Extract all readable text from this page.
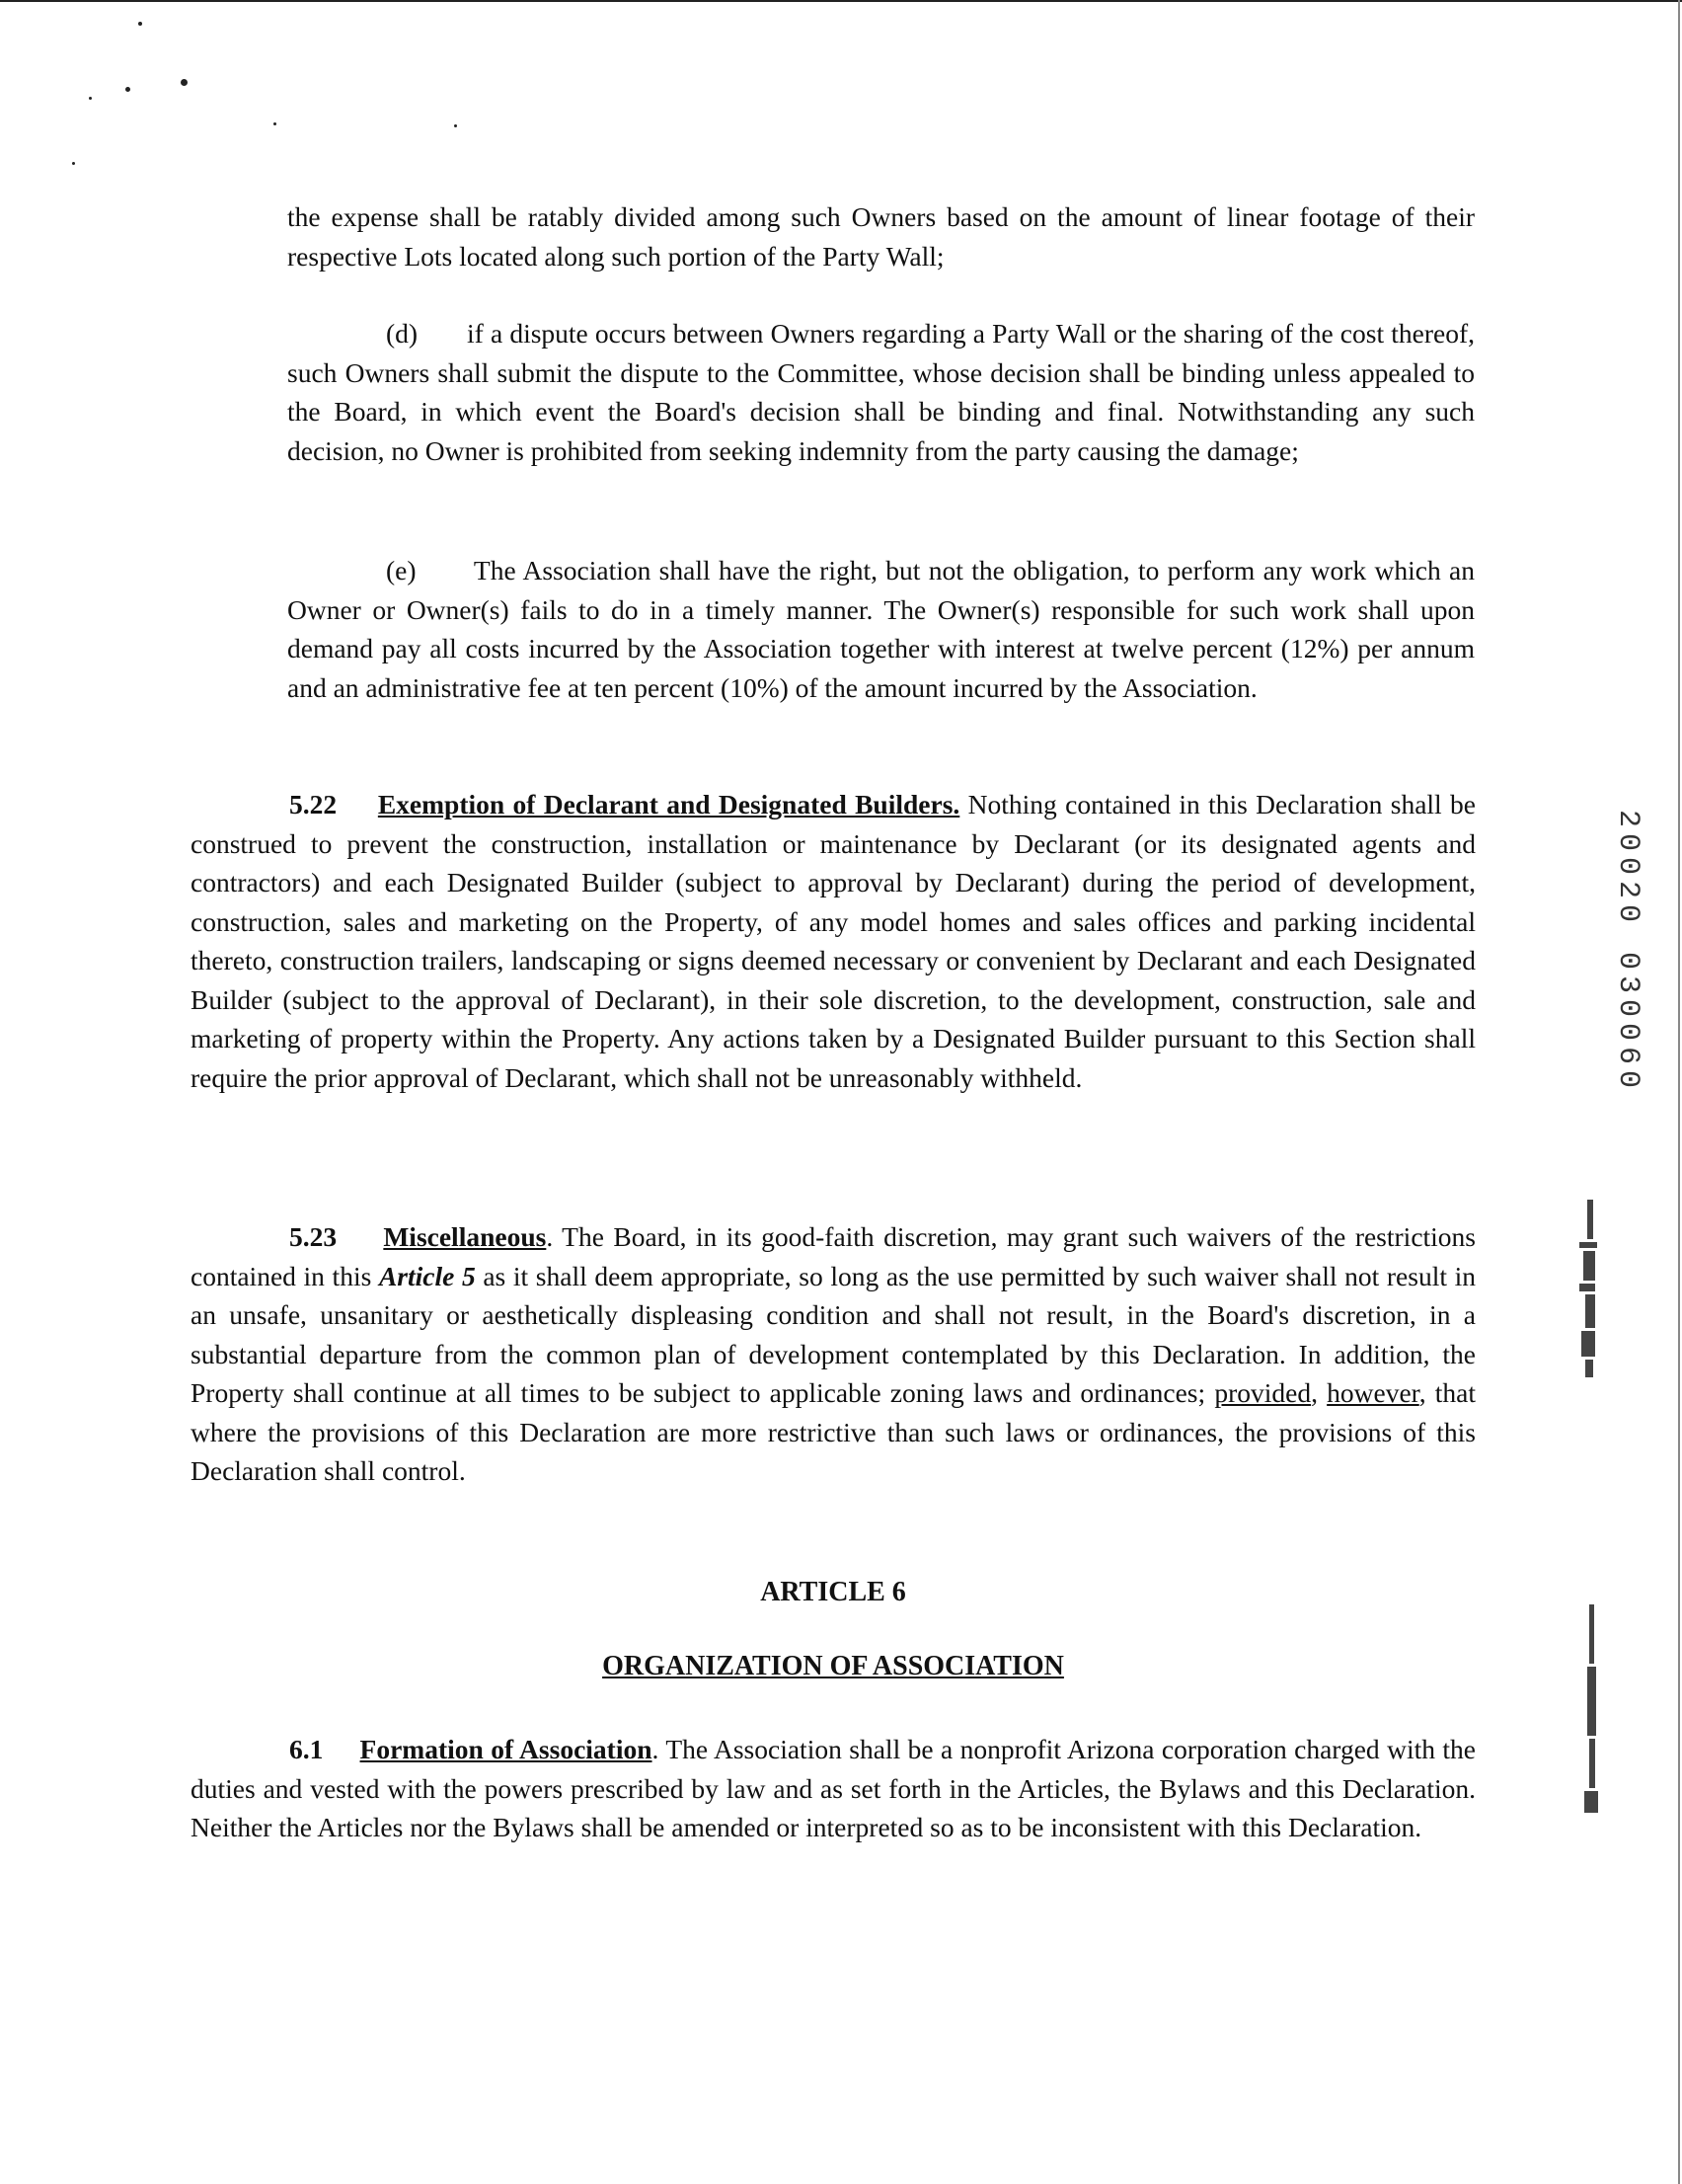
the expense shall be ratably divided among such Owners based on the amount of linear footage of their respective Lots located along such portion of the Party Wall;

(d) if a dispute occurs between Owners regarding a Party Wall or the sharing of the cost thereof, such Owners shall submit the dispute to the Committee, whose decision shall be binding unless appealed to the Board, in which event the Board's decision shall be binding and final. Notwithstanding any such decision, no Owner is prohibited from seeking indemnity from the party causing the damage;

(e) The Association shall have the right, but not the obligation, to perform any work which an Owner or Owner(s) fails to do in a timely manner. The Owner(s) responsible for such work shall upon demand pay all costs incurred by the Association together with interest at twelve percent (12%) per annum and an administrative fee at ten percent (10%) of the amount incurred by the Association.

5.22 Exemption of Declarant and Designated Builders. Nothing contained in this Declaration shall be construed to prevent the construction, installation or maintenance by Declarant (or its designated agents and contractors) and each Designated Builder (subject to approval by Declarant) during the period of development, construction, sales and marketing on the Property, of any model homes and sales offices and parking incidental thereto, construction trailers, landscaping or signs deemed necessary or convenient by Declarant and each Designated Builder (subject to the approval of Declarant), in their sole discretion, to the development, construction, sale and marketing of property within the Property. Any actions taken by a Designated Builder pursuant to this Section shall require the prior approval of Declarant, which shall not be unreasonably withheld.

5.23 Miscellaneous. The Board, in its good-faith discretion, may grant such waivers of the restrictions contained in this Article 5 as it shall deem appropriate, so long as the use permitted by such waiver shall not result in an unsafe, unsanitary or aesthetically displeasing condition and shall not result, in the Board's discretion, in a substantial departure from the common plan of development contemplated by this Declaration. In addition, the Property shall continue at all times to be subject to applicable zoning laws and ordinances; provided, however, that where the provisions of this Declaration are more restrictive than such laws or ordinances, the provisions of this Declaration shall control.

ARTICLE 6
ORGANIZATION OF ASSOCIATION

6.1 Formation of Association. The Association shall be a nonprofit Arizona corporation charged with the duties and vested with the powers prescribed by law and as set forth in the Articles, the Bylaws and this Declaration. Neither the Articles nor the Bylaws shall be amended or interpreted so as to be inconsistent with this Declaration.

20020 030060
